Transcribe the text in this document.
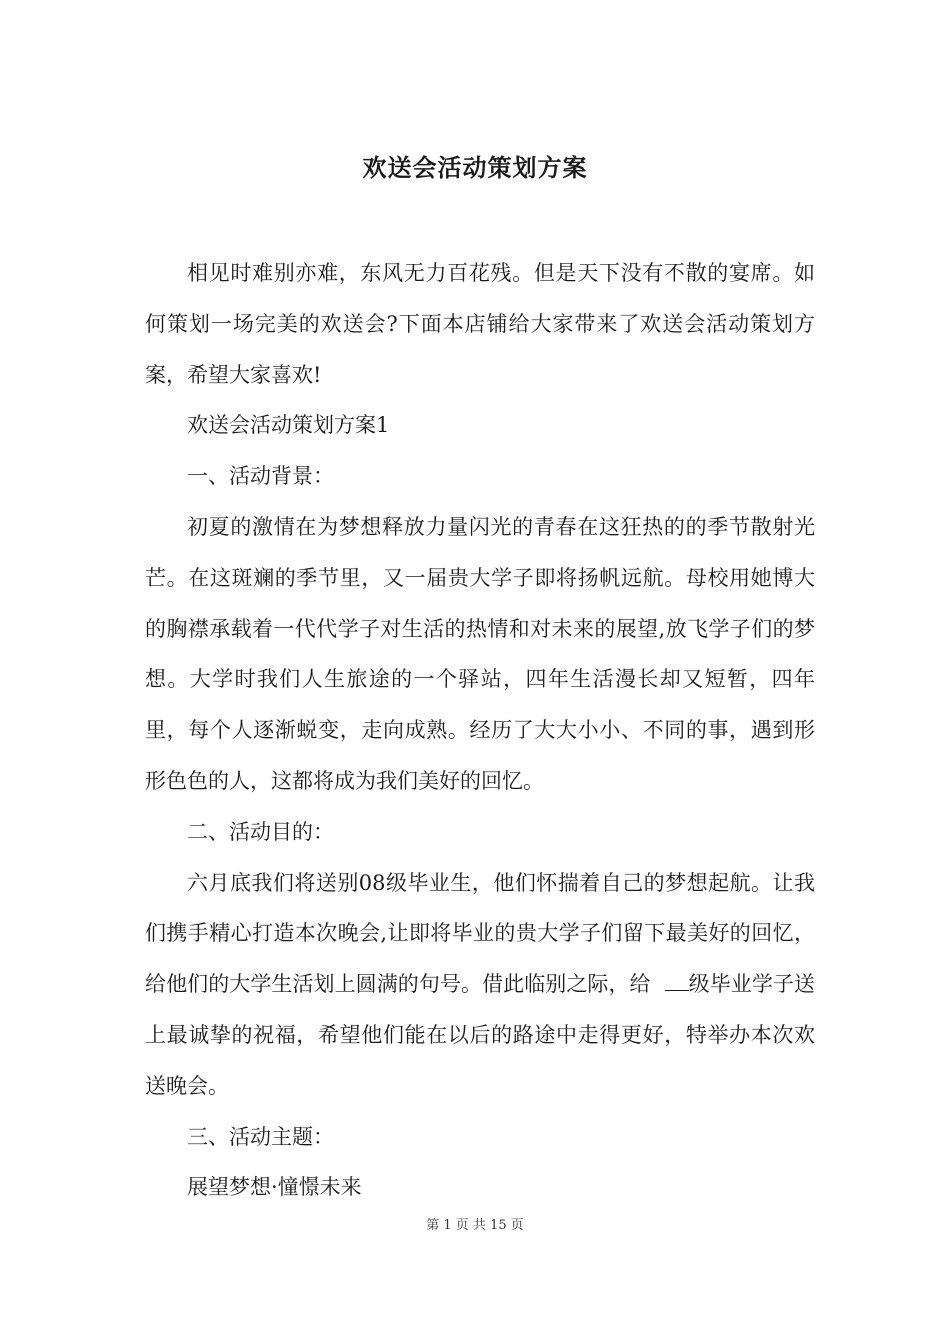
欢送会活动策划方案

相见时难别亦难，东风无力百花残。但是天下没有不散的宴席。如何策划一场完美的欢送会?下面本店铺给大家带来了欢送会活动策划方案，希望大家喜欢!

欢送会活动策划方案1

一、活动背景：

初夏的激情在为梦想释放力量闪光的青春在这狂热的的季节散射光芒。在这斑斓的季节里，又一届贵大学子即将扬帆远航。母校用她博大的胸襟承载着一代代学子对生活的热情和对未来的展望,放飞学子们的梦想。大学时我们人生旅途的一个驿站，四年生活漫长却又短暂，四年里，每个人逐渐蜕变，走向成熟。经历了大大小小、不同的事，遇到形形色色的人，这都将成为我们美好的回忆。

二、活动目的：

六月底我们将送别08级毕业生，他们怀揣着自己的梦想起航。让我们携手精心打造本次晚会,让即将毕业的贵大学子们留下最美好的回忆，给他们的大学生活划上圆满的句号。借此临别之际，给 级毕业学子送上最诚挚的祝福，希望他们能在以后的路途中走得更好，特举办本次欢送晚会。

三、活动主题：

展望梦想·憧憬未来

第 1 页 共 15 页
